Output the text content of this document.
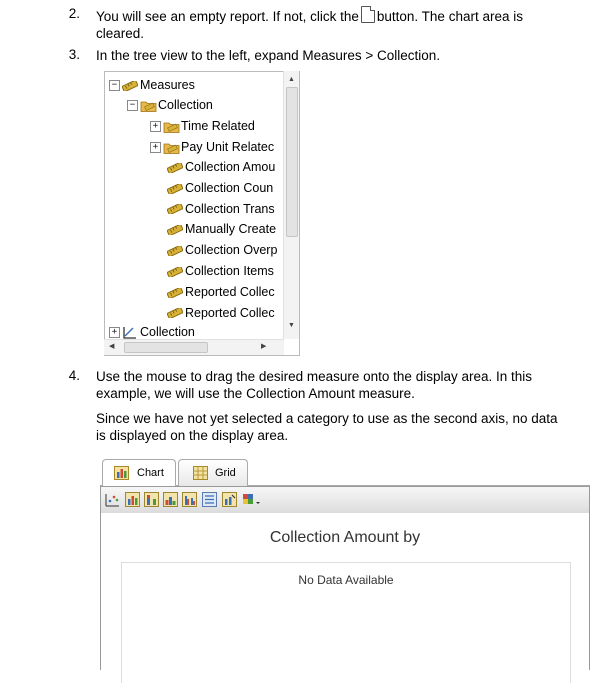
2. You will see an empty report. If not, click the button. The chart area is
cleared.
3. In the tree view to the left, expand Measures > Collection.
− Measures
− Collection
+ Time Related
+ Pay Unit Relatec
Collection Amou
Collection Coun
Collection Trans
Manually Create
Collection Overp
Collection Items
Reported Collec
Reported Collec
+ Collection
▲
▼
◀	▶
4. Use the mouse to drag the desired measure onto the display area. In this
example, we will use the Collection Amount measure.
Since we have not yet selected a category to use as the second axis, no data
is displayed on the display area.
Chart	Grid
Collection Amount by
No Data Available
